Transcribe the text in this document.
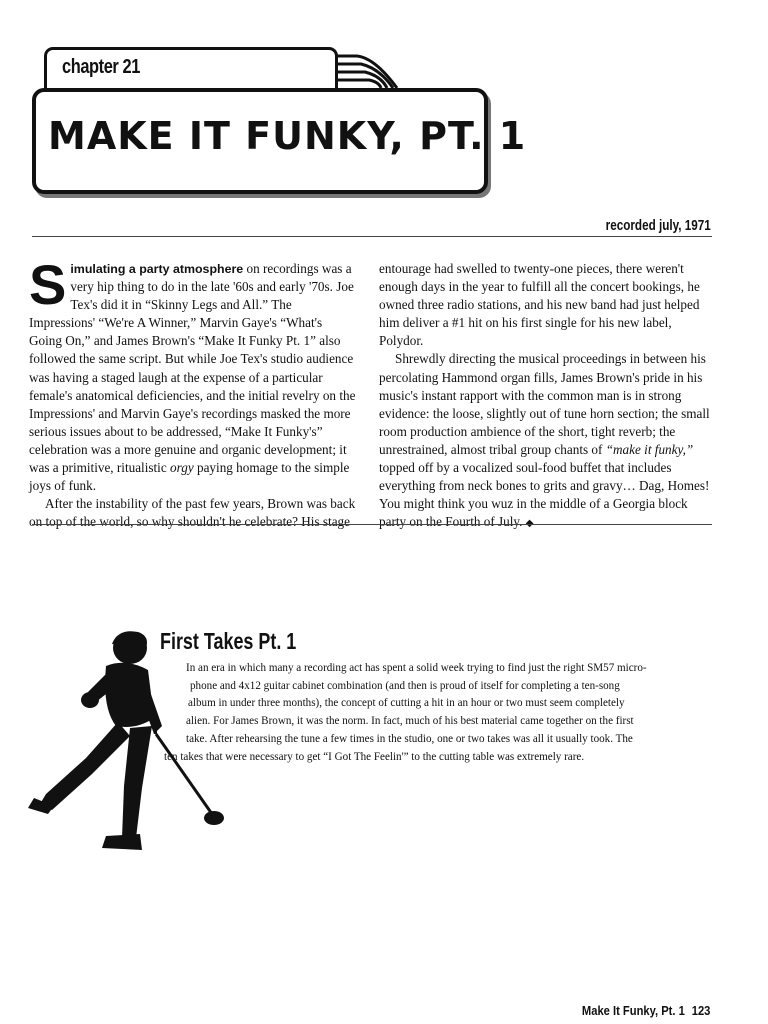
chapter 21
MAKE IT FUNKY, PT. 1
recorded july, 1971

Simulating a party atmosphere on recordings was a very hip thing to do in the late '60s and early '70s. Joe Tex's did it in “Skinny Legs and All.” The Impressions' “We're A Winner,” Marvin Gaye's “What's Going On,” and James Brown's “Make It Funky Pt. 1” also followed the same script. But while Joe Tex's studio audience was having a staged laugh at the expense of a particular female's anatomical deficiencies, and the initial revelry on the Impressions' and Marvin Gaye's recordings masked the more serious issues about to be addressed, “Make It Funky's” celebration was a more genuine and organic development; it was a primitive, ritualistic orgy paying homage to the simple joys of funk.

After the instability of the past few years, Brown was back on top of the world, so why shouldn't he celebrate? His stage

entourage had swelled to twenty-one pieces, there weren't enough days in the year to fulfill all the concert bookings, he owned three radio stations, and his new band had just helped him deliver a #1 hit on his first single for his new label, Polydor.

Shrewdly directing the musical proceedings in between his percolating Hammond organ fills, James Brown's pride in his music's instant rapport with the common man is in strong evidence: the loose, slightly out of tune horn section; the small room production ambience of the short, tight reverb; the unrestrained, almost tribal group chants of “make it funky,” topped off by a vocalized soul-food buffet that includes everything from neck bones to grits and gravy… Dag, Homes! You might think you wuz in the middle of a Georgia block party on the Fourth of July. ◆

First Takes Pt. 1
In an era in which many a recording act has spent a solid week trying to find just the right SM57 micro-
phone and 4x12 guitar cabinet combination (and then is proud of itself for completing a ten-song
album in under three months), the concept of cutting a hit in an hour or two must seem completely
alien. For James Brown, it was the norm. In fact, much of his best material came together on the first
take. After rehearsing the tune a few times in the studio, one or two takes was all it usually took. The
ten takes that were necessary to get “I Got The Feelin'” to the cutting table was extremely rare.
Make It Funky, Pt. 1 123
